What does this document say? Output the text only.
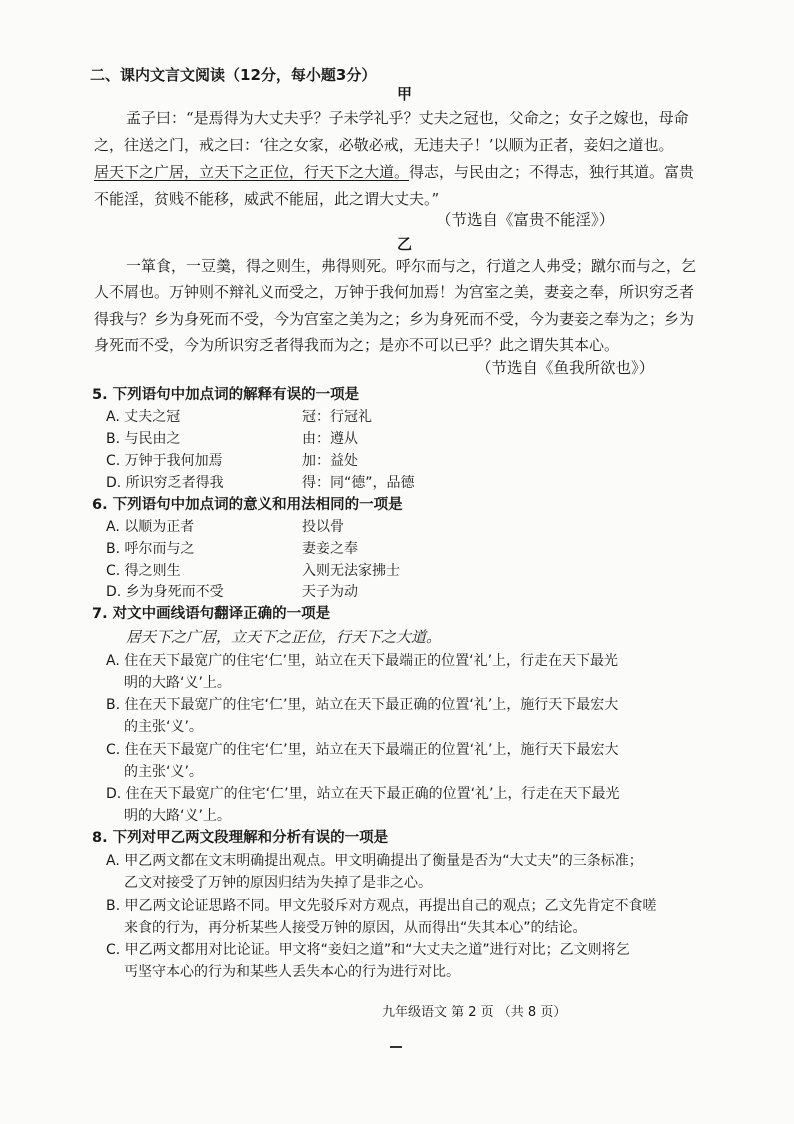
二、课内文言文阅读（12分，每小题3分）
甲
孟子曰：“是焉得为大丈夫乎？子未学礼乎？丈夫之冠也，父命之；女子之嫁也，母命
之，往送之门，戒之曰：‘往之女家，必敬必戒，无违夫子！’以顺为正者，妾妇之道也。
居天下之广居，立天下之正位，行天下之大道。得志，与民由之；不得志，独行其道。富贵
不能淫，贫贱不能移，威武不能屈，此之谓大丈夫。”
（节选自《富贵不能淫》）
乙
一箪食，一豆羹，得之则生，弗得则死。呼尔而与之，行道之人弗受；蹴尔而与之，乞
人不屑也。万钟则不辩礼义而受之，万钟于我何加焉！为宫室之美，妻妾之奉，所识穷乏者
得我与？乡为身死而不受，今为宫室之美为之；乡为身死而不受，今为妻妾之奉为之；乡为
身死而不受，今为所识穷乏者得我而为之；是亦不可以已乎？此之谓失其本心。
（节选自《鱼我所欲也》）
5. 下列语句中加点词的解释有误的一项是
A. 丈夫之冠	冠：行冠礼
B. 与民由之	由：遵从
C. 万钟于我何加焉	加：益处
D. 所识穷乏者得我	得：同“德”，品德
6. 下列语句中加点词的意义和用法相同的一项是
A. 以顺为正者	投以骨
B. 呼尔而与之	妻妾之奉
C. 得之则生	入则无法家拂士
D. 乡为身死而不受	天子为动
7. 对文中画线语句翻译正确的一项是
居天下之广居，立天下之正位，行天下之大道。
A. 住在天下最宽广的住宅‘仁’里，站立在天下最端正的位置‘礼’上，行走在天下最光
明的大路‘义’上。
B. 住在天下最宽广的住宅‘仁’里，站立在天下最正确的位置‘礼’上，施行天下最宏大
的主张‘义’。
C. 住在天下最宽广的住宅‘仁’里，站立在天下最端正的位置‘礼’上，施行天下最宏大
的主张‘义’。
D. 住在天下最宽广的住宅‘仁’里，站立在天下最正确的位置‘礼’上，行走在天下最光
明的大路‘义’上。
8. 下列对甲乙两文段理解和分析有误的一项是
A. 甲乙两文都在文末明确提出观点。甲文明确提出了衡量是否为“大丈夫”的三条标准；
乙文对接受了万钟的原因归结为失掉了是非之心。
B. 甲乙两文论证思路不同。甲文先驳斥对方观点，再提出自己的观点；乙文先肯定不食嗟
来食的行为，再分析某些人接受万钟的原因，从而得出“失其本心”的结论。
C. 甲乙两文都用对比论证。甲文将“妾妇之道”和“大丈夫之道”进行对比；乙文则将乞
丐坚守本心的行为和某些人丢失本心的行为进行对比。
九年级语文 第 2 页 （共 8 页）
